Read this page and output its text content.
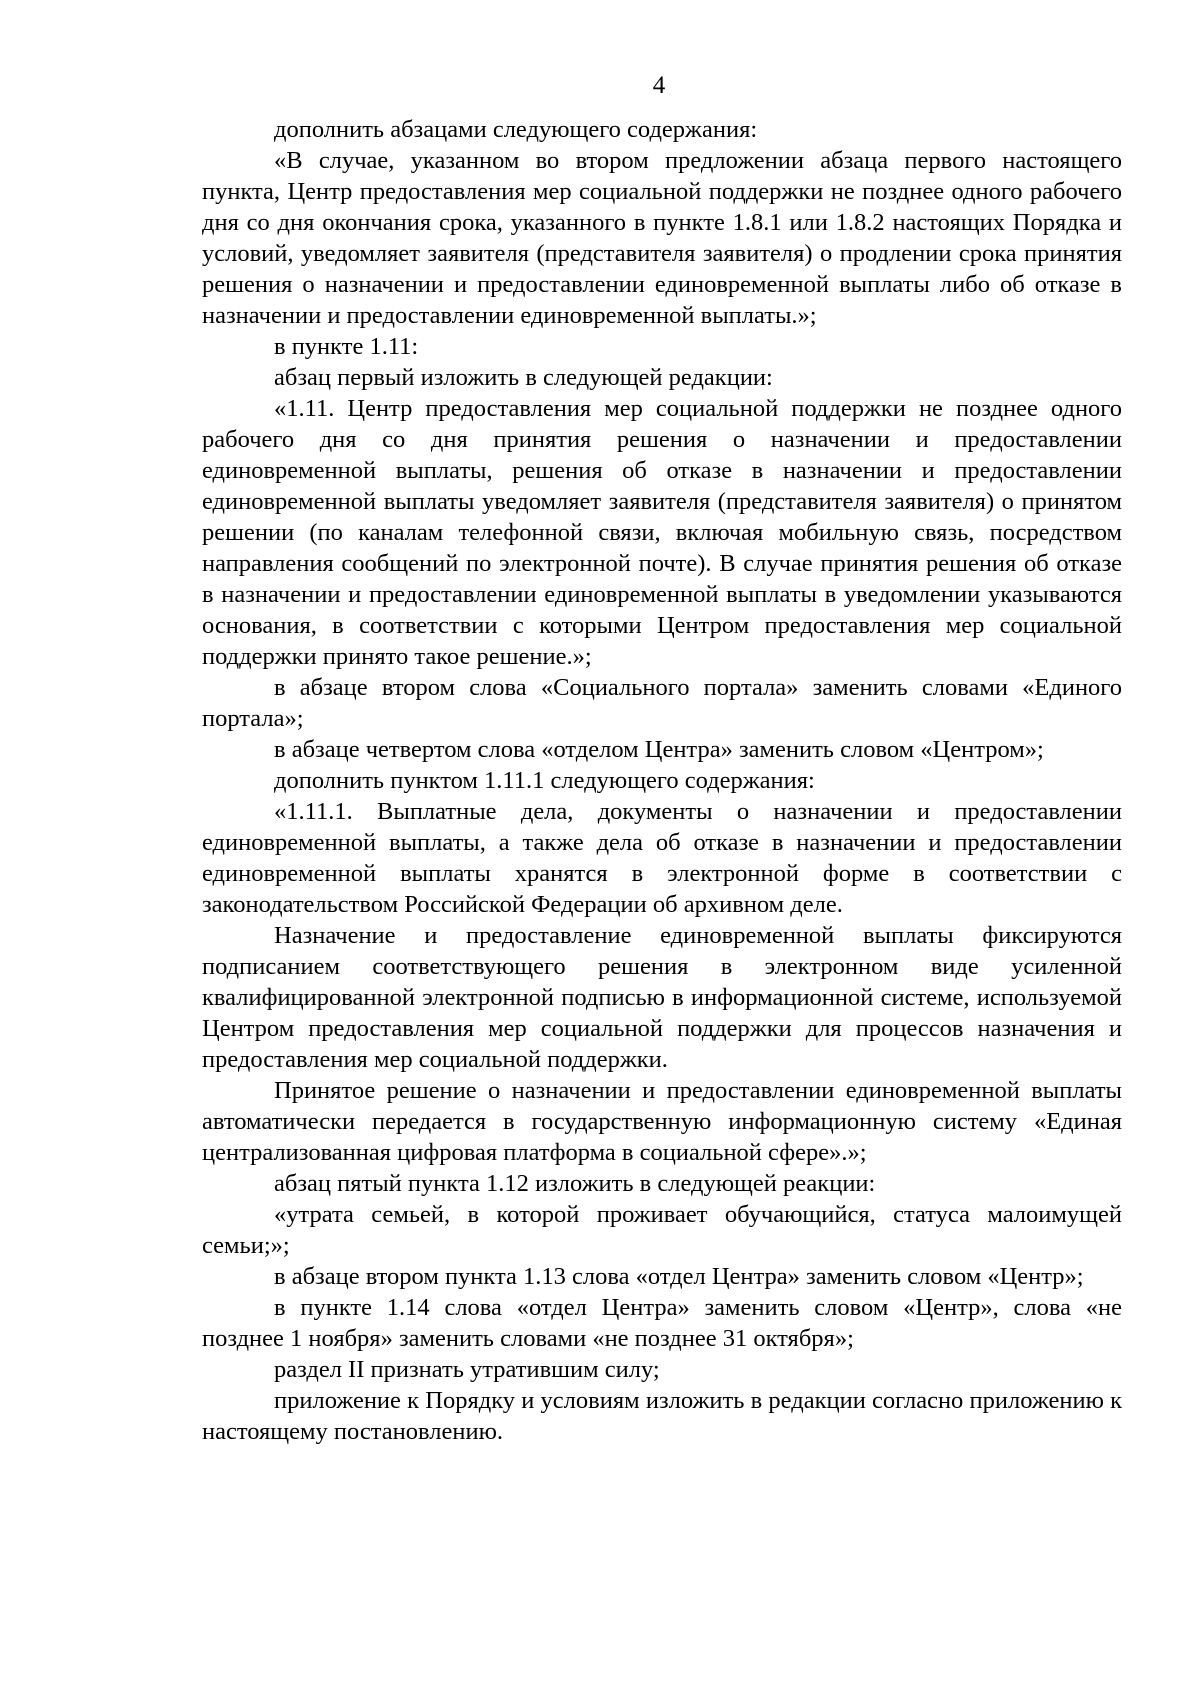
4

дополнить абзацами следующего содержания:

«В случае, указанном во втором предложении абзаца первого настоящего пункта, Центр предоставления мер социальной поддержки не позднее одного рабочего дня со дня окончания срока, указанного в пункте 1.8.1 или 1.8.2 настоящих Порядка и условий, уведомляет заявителя (представителя заявителя) о продлении срока принятия решения о назначении и предоставлении единовременной выплаты либо об отказе в назначении и предоставлении единовременной выплаты.»;

в пункте 1.11:

абзац первый изложить в следующей редакции:

«1.11. Центр предоставления мер социальной поддержки не позднее одного рабочего дня со дня принятия решения о назначении и предоставлении единовременной выплаты, решения об отказе в назначении и предоставлении единовременной выплаты уведомляет заявителя (представителя заявителя) о принятом решении (по каналам телефонной связи, включая мобильную связь, посредством направления сообщений по электронной почте). В случае принятия решения об отказе в назначении и предоставлении единовременной выплаты в уведомлении указываются основания, в соответствии с которыми Центром предоставления мер социальной поддержки принято такое решение.»;

в абзаце втором слова «Социального портала» заменить словами «Единого портала»;

в абзаце четвертом слова «отделом Центра» заменить словом «Центром»;

дополнить пунктом 1.11.1 следующего содержания:

«1.11.1. Выплатные дела, документы о назначении и предоставлении единовременной выплаты, а также дела об отказе в назначении и предоставлении единовременной выплаты хранятся в электронной форме в соответствии с законодательством Российской Федерации об архивном деле.

Назначение и предоставление единовременной выплаты фиксируются подписанием соответствующего решения в электронном виде усиленной квалифицированной электронной подписью в информационной системе, используемой Центром предоставления мер социальной поддержки для процессов назначения и предоставления мер социальной поддержки.

Принятое решение о назначении и предоставлении единовременной выплаты автоматически передается в государственную информационную систему «Единая централизованная цифровая платформа в социальной сфере».»;

абзац пятый пункта 1.12 изложить в следующей реакции:

«утрата семьей, в которой проживает обучающийся, статуса малоимущей семьи;»;

в абзаце втором пункта 1.13 слова «отдел Центра» заменить словом «Центр»;

в пункте 1.14 слова «отдел Центра» заменить словом «Центр», слова «не позднее 1 ноября» заменить словами «не позднее 31 октября»;

раздел II признать утратившим силу;

приложение к Порядку и условиям изложить в редакции согласно приложению к настоящему постановлению.
